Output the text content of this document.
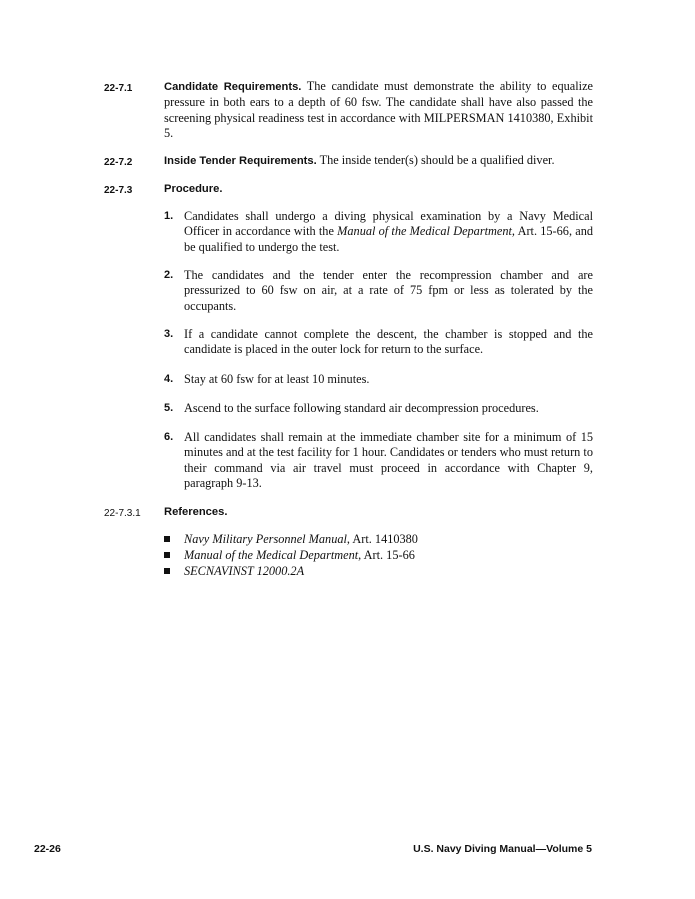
22-7.1	Candidate Requirements. The candidate must demonstrate the ability to equalize pressure in both ears to a depth of 60 fsw. The candidate shall have also passed the screening physical readiness test in accordance with MILPERSMAN 1410380, Exhibit 5.
22-7.2	Inside Tender Requirements. The inside tender(s) should be a qualified diver.
22-7.3	Procedure.
1. Candidates shall undergo a diving physical examination by a Navy Medical Officer in accordance with the Manual of the Medical Department, Art. 15-66, and be qualified to undergo the test.
2. The candidates and the tender enter the recompression chamber and are pressurized to 60 fsw on air, at a rate of 75 fpm or less as tolerated by the occupants.
3. If a candidate cannot complete the descent, the chamber is stopped and the candidate is placed in the outer lock for return to the surface.
4. Stay at 60 fsw for at least 10 minutes.
5. Ascend to the surface following standard air decompression procedures.
6. All candidates shall remain at the immediate chamber site for a minimum of 15 minutes and at the test facility for 1 hour. Candidates or tenders who must return to their command via air travel must proceed in accordance with Chapter 9, paragraph 9-13.
22-7.3.1 References.
Navy Military Personnel Manual, Art. 1410380
Manual of the Medical Department, Art. 15-66
SECNAVINST 12000.2A
22-26	U.S. Navy Diving Manual—Volume 5
